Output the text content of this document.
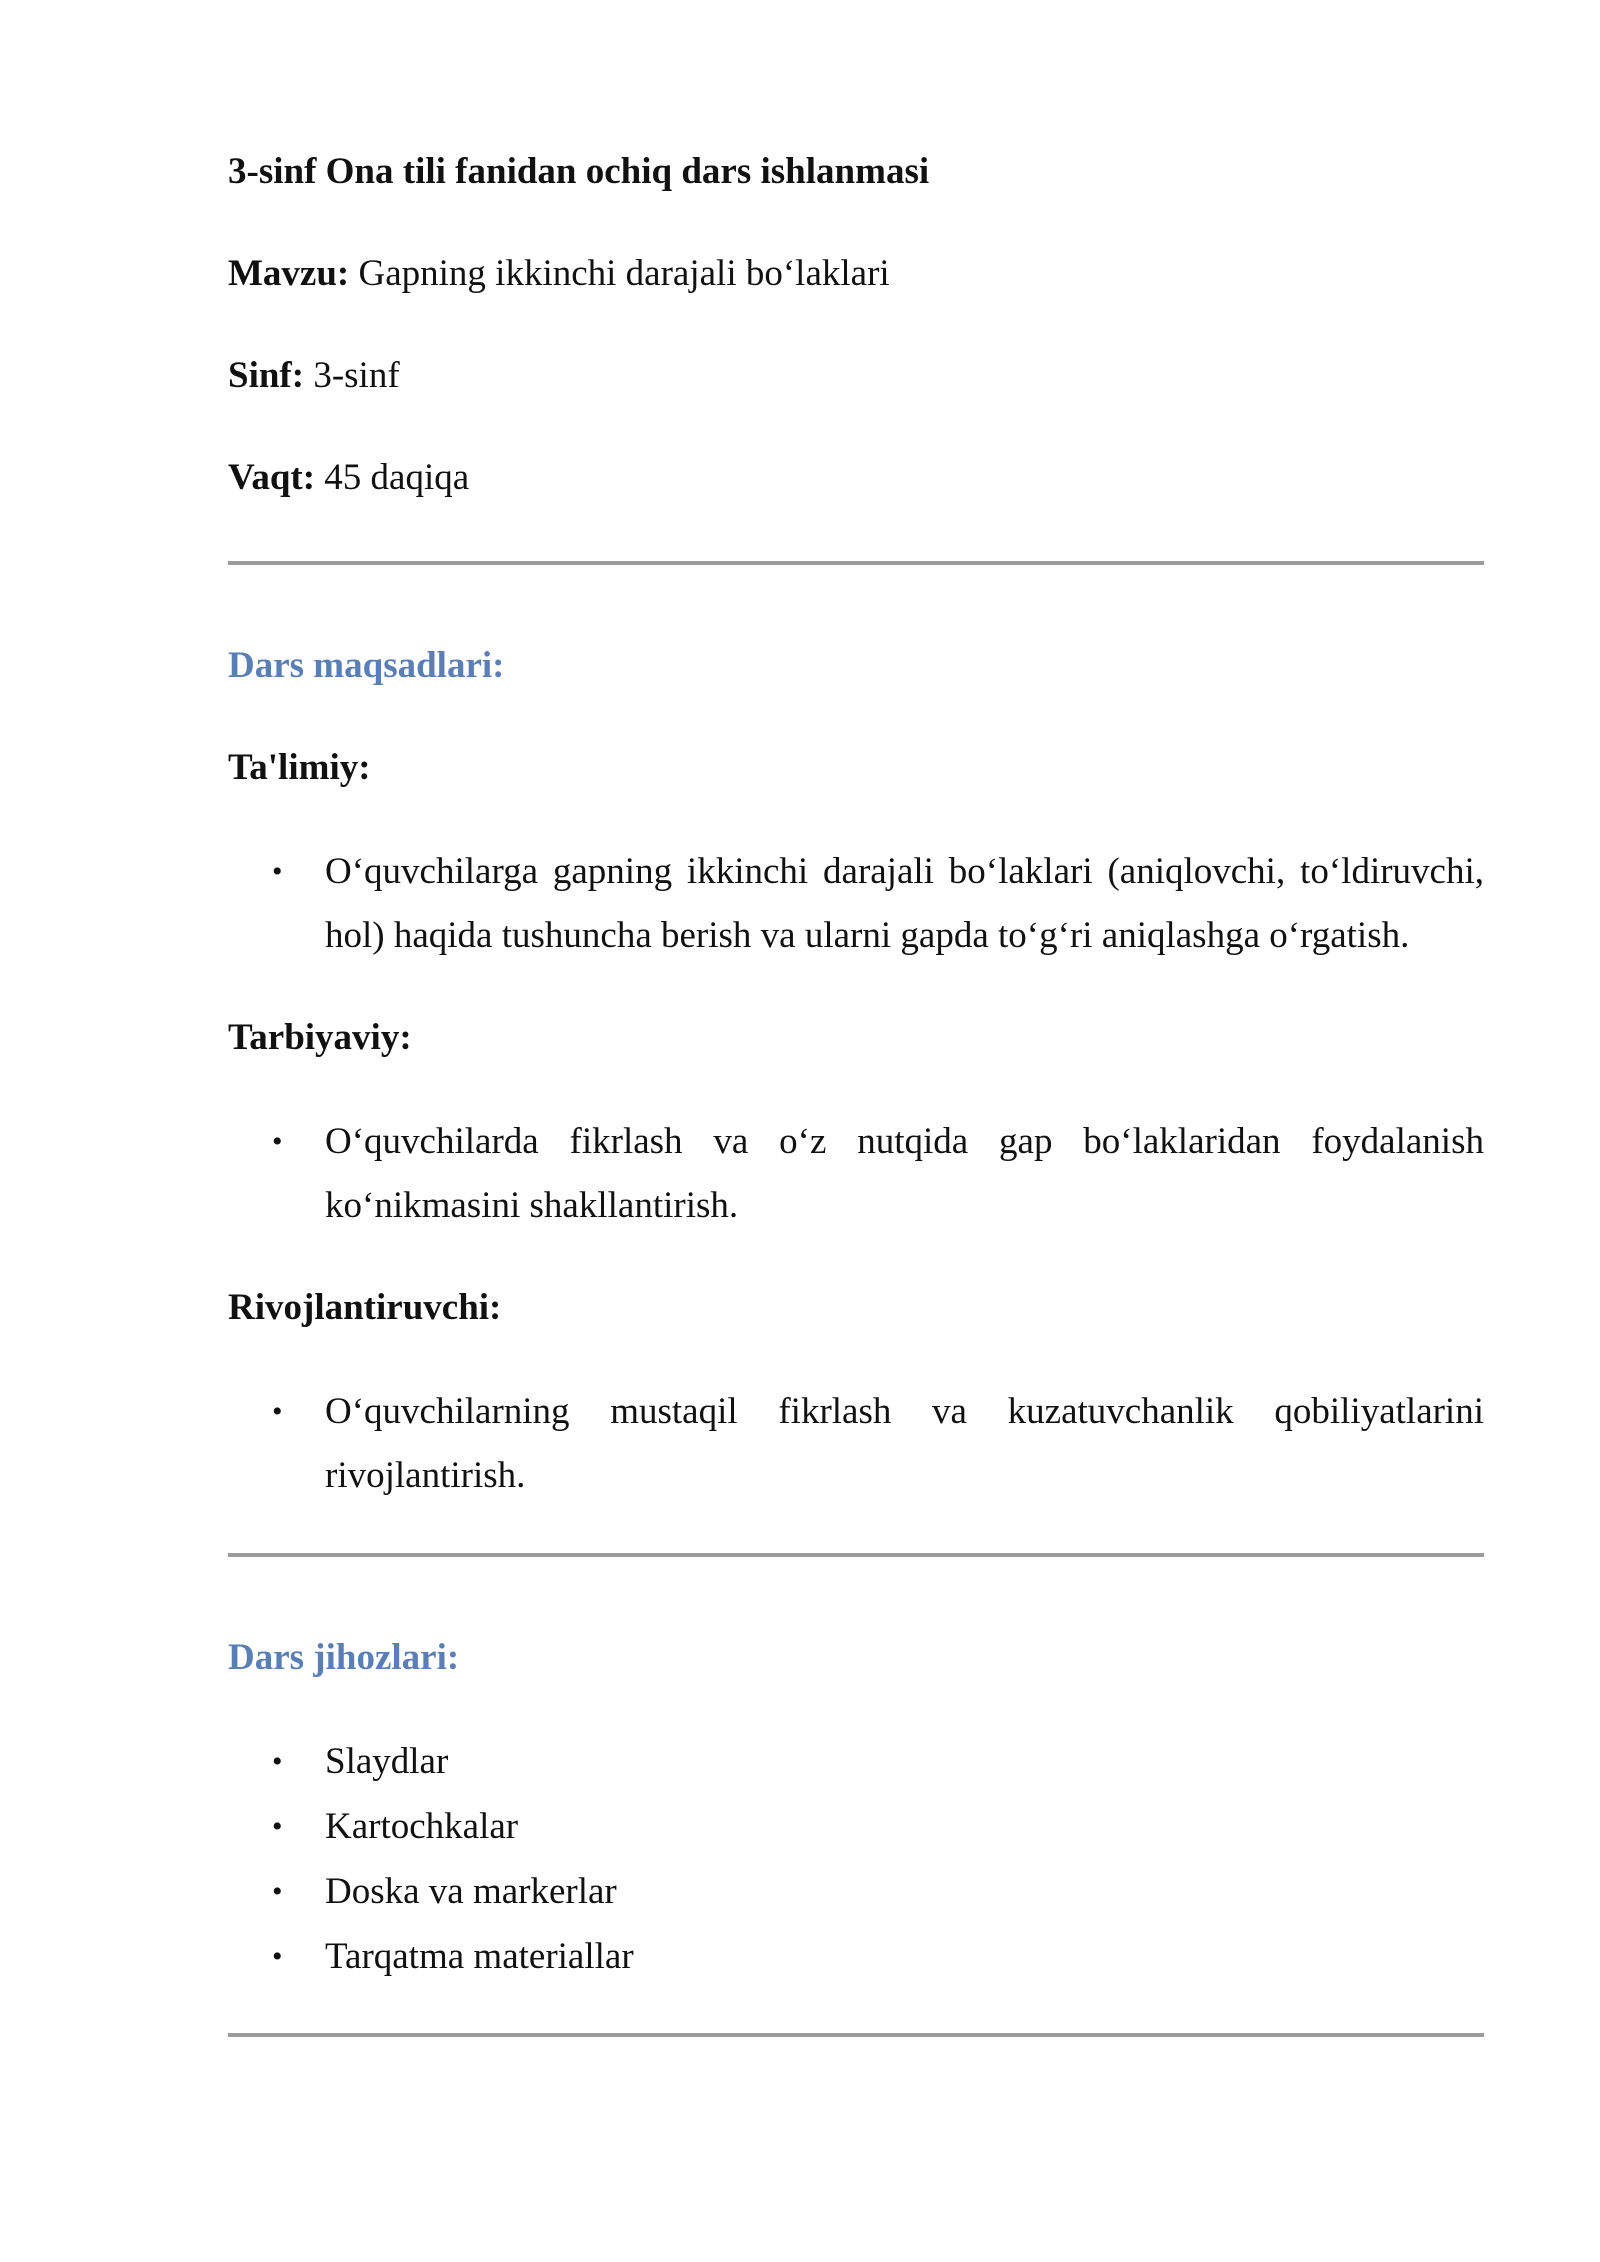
3-sinf Ona tili fanidan ochiq dars ishlanmasi
Mavzu: Gapning ikkinchi darajali bo‘laklari
Sinf: 3-sinf
Vaqt: 45 daqiqa
Dars maqsadlari:
Ta'limiy:
• O‘quvchilarga gapning ikkinchi darajali bo‘laklari (aniqlovchi, to‘ldiruvchi, hol) haqida tushuncha berish va ularni gapda to‘g‘ri aniqlashga o‘rgatish.
Tarbiyaviy:
• O‘quvchilarda fikrlash va o‘z nutqida gap bo‘laklaridan foydalanish ko‘nikmasini shakllantirish.
Rivojlantiruvchi:
• O‘quvchilarning mustaqil fikrlash va kuzatuvchanlik qobiliyatlarini rivojlantirish.
Dars jihozlari:
• Slaydlar
• Kartochkalar
• Doska va markerlar
• Tarqatma materiallar
